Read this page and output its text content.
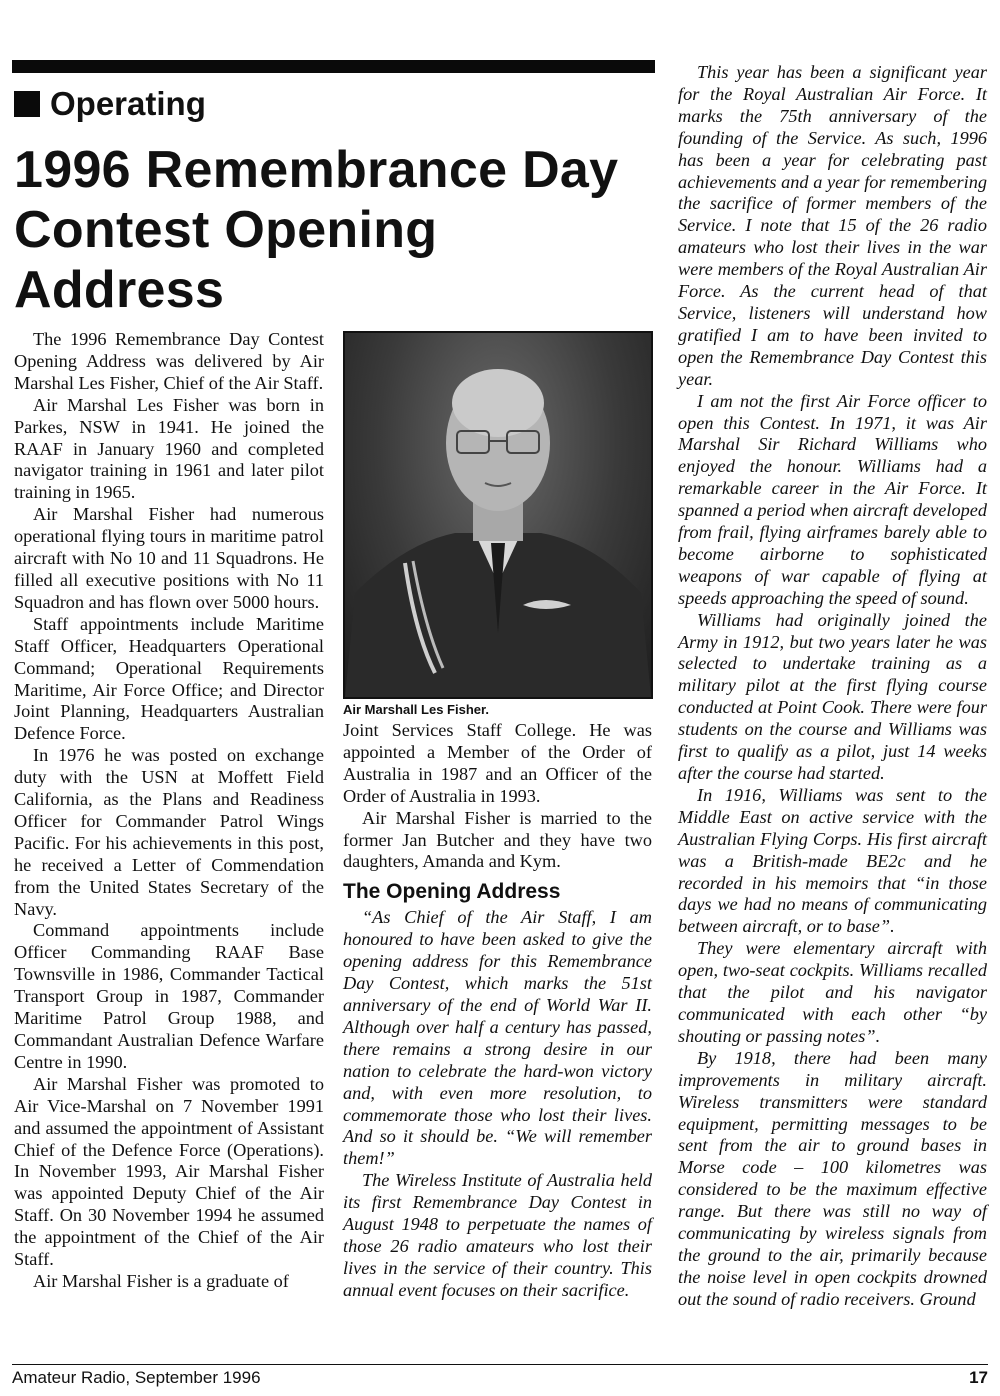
Operating
1996 Remembrance Day Contest Opening Address

The 1996 Remembrance Day Contest Opening Address was delivered by Air Marshal Les Fisher, Chief of the Air Staff.

Air Marshal Les Fisher was born in Parkes, NSW in 1941. He joined the RAAF in January 1960 and completed navigator training in 1961 and later pilot training in 1965.

Air Marshal Fisher had numerous operational flying tours in maritime patrol aircraft with No 10 and 11 Squadrons. He filled all executive positions with No 11 Squadron and has flown over 5000 hours.

Staff appointments include Maritime Staff Officer, Headquarters Operational Command; Operational Requirements Maritime, Air Force Office; and Director Joint Planning, Headquarters Australian Defence Force.

In 1976 he was posted on exchange duty with the USN at Moffett Field California, as the Plans and Readiness Officer for Commander Patrol Wings Pacific. For his achievements in this post, he received a Letter of Commendation from the United States Secretary of the Navy.

Command appointments include Officer Commanding RAAF Base Townsville in 1986, Commander Tactical Transport Group in 1987, Commander Maritime Patrol Group 1988, and Commandant Australian Defence Warfare Centre in 1990.

Air Marshal Fisher was promoted to Air Vice-Marshal on 7 November 1991 and assumed the appointment of Assistant Chief of the Defence Force (Operations). In November 1993, Air Marshal Fisher was appointed Deputy Chief of the Air Staff. On 30 November 1994 he assumed the appointment of the Chief of the Air Staff.

Air Marshal Fisher is a graduate of

Air Marshall Les Fisher.

Joint Services Staff College. He was appointed a Member of the Order of Australia in 1987 and an Officer of the Order of Australia in 1993.

Air Marshal Fisher is married to the former Jan Butcher and they have two daughters, Amanda and Kym.

The Opening Address

“As Chief of the Air Staff, I am honoured to have been asked to give the opening address for this Remembrance Day Contest, which marks the 51st anniversary of the end of World War II. Although over half a century has passed, there remains a strong desire in our nation to celebrate the hard-won victory and, with even more resolution, to commemorate those who lost their lives. And so it should be. “We will remember them!”

The Wireless Institute of Australia held its first Remembrance Day Contest in August 1948 to perpetuate the names of those 26 radio amateurs who lost their lives in the service of their country. This annual event focuses on their sacrifice.

This year has been a significant year for the Royal Australian Air Force. It marks the 75th anniversary of the founding of the Service. As such, 1996 has been a year for celebrating past achievements and a year for remembering the sacrifice of former members of the Service. I note that 15 of the 26 radio amateurs who lost their lives in the war were members of the Royal Australian Air Force. As the current head of that Service, listeners will understand how gratified I am to have been invited to open the Remembrance Day Contest this year.

I am not the first Air Force officer to open this Contest. In 1971, it was Air Marshal Sir Richard Williams who enjoyed the honour. Williams had a remarkable career in the Air Force. It spanned a period when aircraft developed from frail, flying airframes barely able to become airborne to sophisticated weapons of war capable of flying at speeds approaching the speed of sound.

Williams had originally joined the Army in 1912, but two years later he was selected to undertake training as a military pilot at the first flying course conducted at Point Cook. There were four students on the course and Williams was first to qualify as a pilot, just 14 weeks after the course had started.

In 1916, Williams was sent to the Middle East on active service with the Australian Flying Corps. His first aircraft was a British-made BE2c and he recorded in his memoirs that “in those days we had no means of communicating between aircraft, or to base”.

They were elementary aircraft with open, two-seat cockpits. Williams recalled that the pilot and his navigator communicated with each other “by shouting or passing notes”.

By 1918, there had been many improvements in military aircraft. Wireless transmitters were standard equipment, permitting messages to be sent from the air to ground bases in Morse code – 100 kilometres was considered to be the maximum effective range. But there was still no way of communicating by wireless signals from the ground to the air, primarily because the noise level in open cockpits drowned out the sound of radio receivers. Ground

Amateur Radio, September 1996	17
